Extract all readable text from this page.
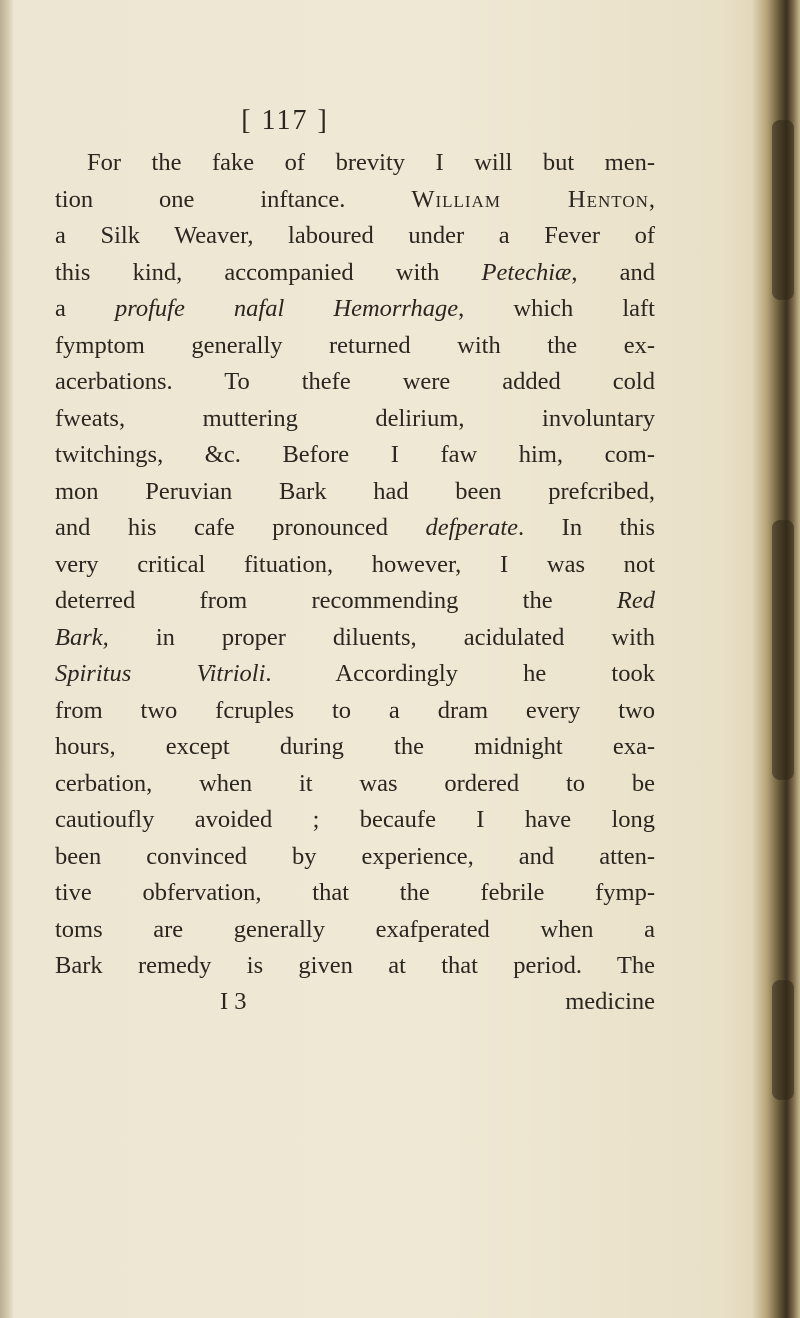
[ 117 ]
For the fake of brevity I will but men-
tion one inftance. William Henton,
a Silk Weaver, laboured under a Fever of
this kind, accompanied with Petechiæ, and
a profufe nafal Hemorrhage, which laft
fymptom generally returned with the ex-
acerbations. To thefe were added cold
fweats, muttering delirium, involuntary
twitchings, &c. Before I faw him, com-
mon Peruvian Bark had been prefcribed,
and his cafe pronounced defperate. In this
very critical fituation, however, I was not
deterred from recommending the Red
Bark, in proper diluents, acidulated with
Spiritus Vitrioli. Accordingly he took
from two fcruples to a dram every two
hours, except during the midnight exa-
cerbation, when it was ordered to be
cautioufly avoided ; becaufe I have long
been convinced by experience, and atten-
tive obfervation, that the febrile fymp-
toms are generally exafperated when a
Bark remedy is given at that period. The
I 3	medicine
